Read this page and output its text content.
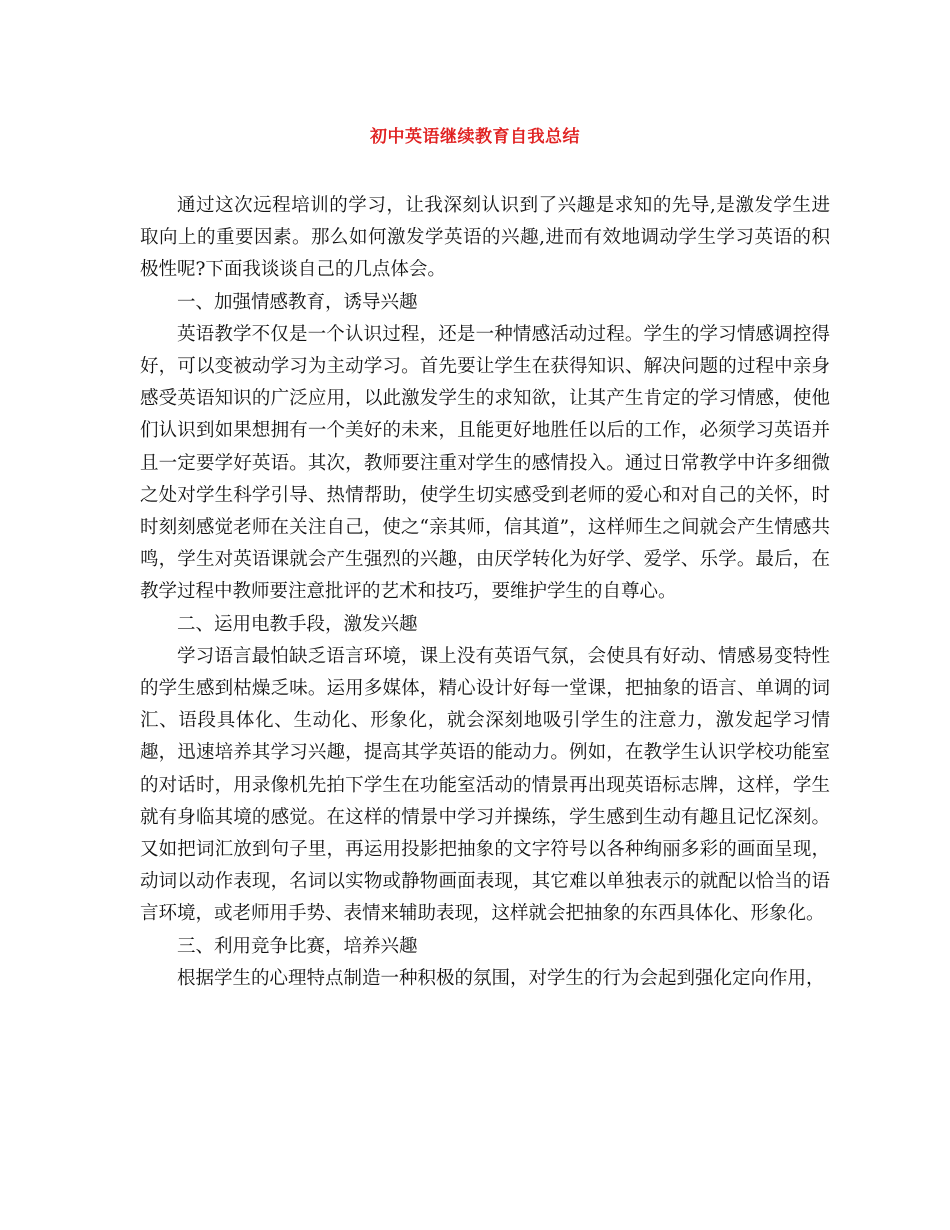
初中英语继续教育自我总结

通过这次远程培训的学习，让我深刻认识到了兴趣是求知的先导,是激发学生进取向上的重要因素。那么如何激发学英语的兴趣,进而有效地调动学生学习英语的积极性呢?下面我谈谈自己的几点体会。

一、加强情感教育，诱导兴趣

英语教学不仅是一个认识过程，还是一种情感活动过程。学生的学习情感调控得好，可以变被动学习为主动学习。首先要让学生在获得知识、解决问题的过程中亲身感受英语知识的广泛应用，以此激发学生的求知欲，让其产生肯定的学习情感，使他们认识到如果想拥有一个美好的未来，且能更好地胜任以后的工作，必须学习英语并且一定要学好英语。其次，教师要注重对学生的感情投入。通过日常教学中许多细微之处对学生科学引导、热情帮助，使学生切实感受到老师的爱心和对自己的关怀，时时刻刻感觉老师在关注自己，使之“亲其师，信其道”，这样师生之间就会产生情感共鸣，学生对英语课就会产生强烈的兴趣，由厌学转化为好学、爱学、乐学。最后，在教学过程中教师要注意批评的艺术和技巧，要维护学生的自尊心。

二、运用电教手段，激发兴趣

学习语言最怕缺乏语言环境，课上没有英语气氛，会使具有好动、情感易变特性的学生感到枯燥乏味。运用多媒体，精心设计好每一堂课，把抽象的语言、单调的词汇、语段具体化、生动化、形象化，就会深刻地吸引学生的注意力，激发起学习情趣，迅速培养其学习兴趣，提高其学英语的能动力。例如，在教学生认识学校功能室的对话时，用录像机先拍下学生在功能室活动的情景再出现英语标志牌，这样，学生就有身临其境的感觉。在这样的情景中学习并操练，学生感到生动有趣且记忆深刻。又如把词汇放到句子里，再运用投影把抽象的文字符号以各种绚丽多彩的画面呈现，动词以动作表现，名词以实物或静物画面表现，其它难以单独表示的就配以恰当的语言环境，或老师用手势、表情来辅助表现，这样就会把抽象的东西具体化、形象化。

三、利用竞争比赛，培养兴趣

根据学生的心理特点制造一种积极的氛围，对学生的行为会起到强化定向作用，
